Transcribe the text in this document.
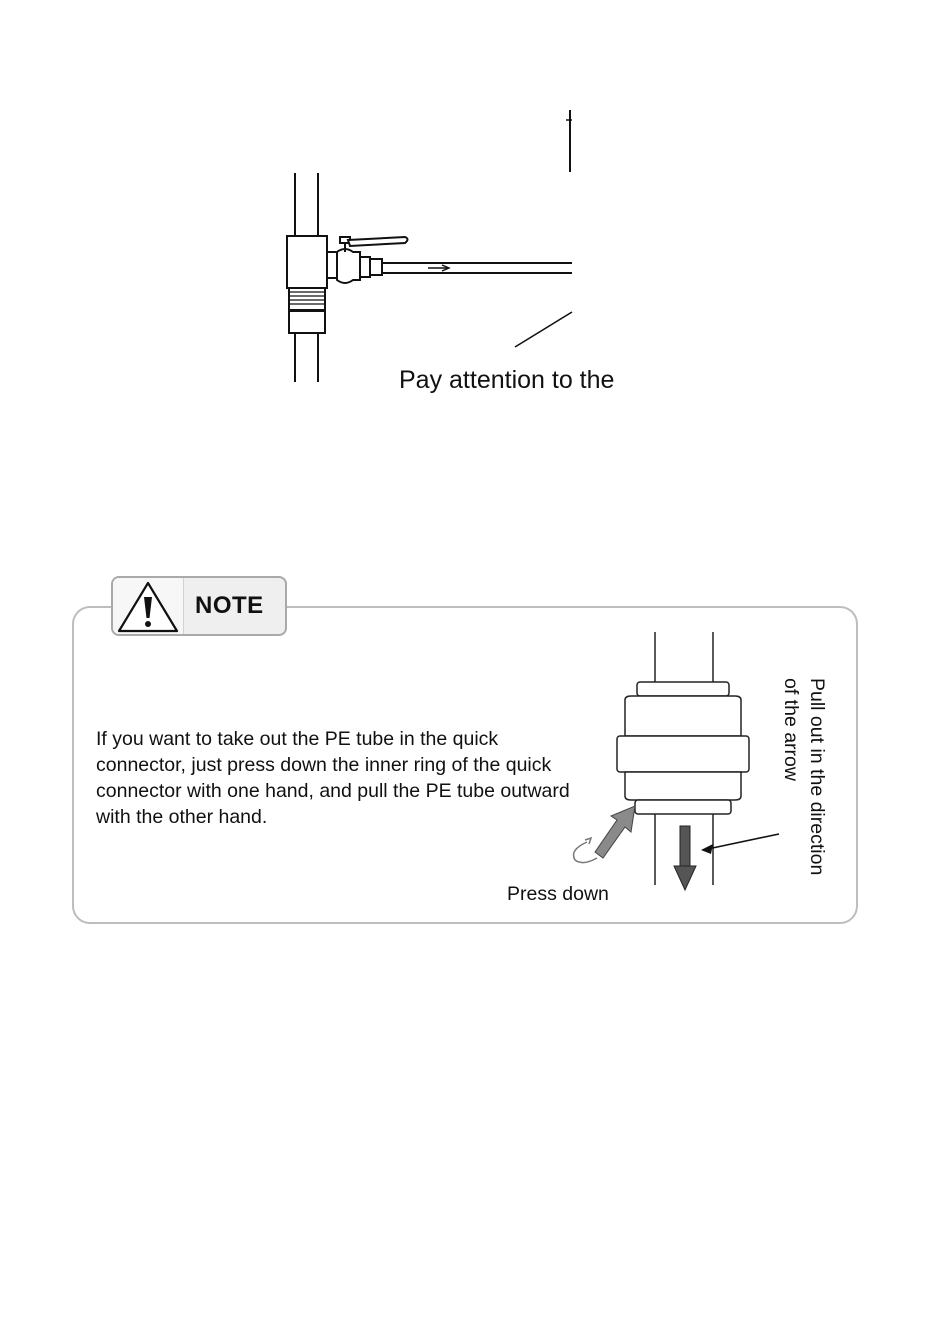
Pay attention to the
NOTE
If you want to take out the PE tube in the quick connector, just press down the inner ring of the quick connector with one hand, and pull the PE tube outward with the other hand.
Press down
Pull out in the direction
of the arrow
